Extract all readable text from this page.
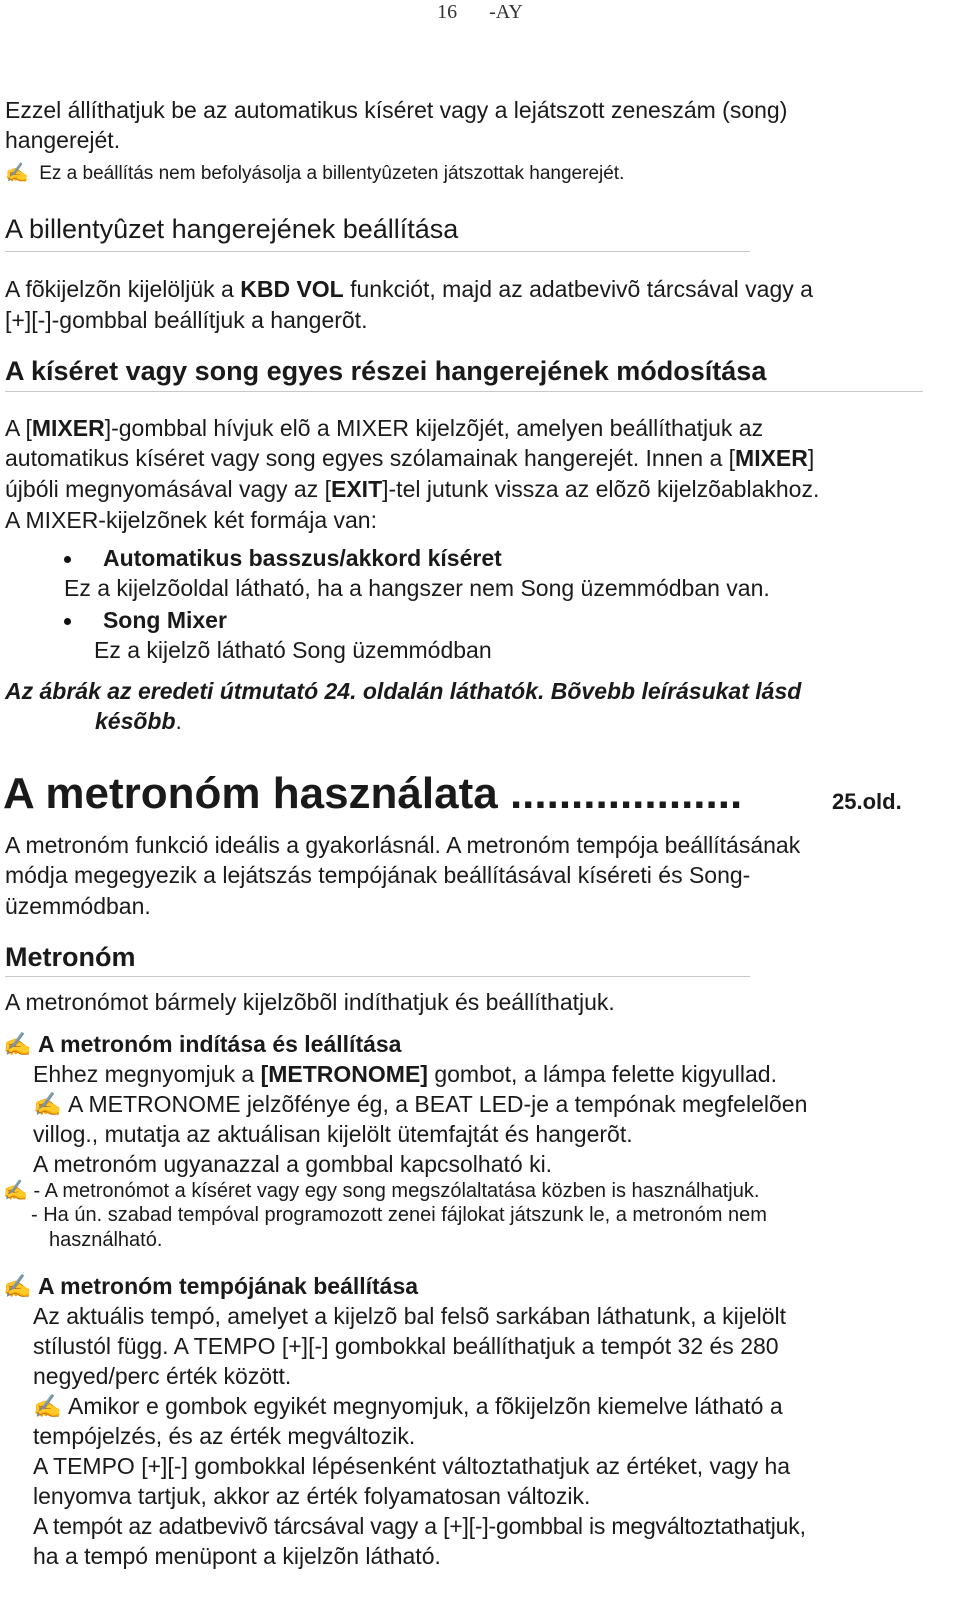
16 -AY

Ezzel állíthatjuk be az automatikus kíséret vagy a lejátszott zeneszám (song)

hangerejét.

✍ Ez a beállítás nem befolyásolja a billentyûzeten játszottak hangerejét.

A billentyûzet hangerejének beállítása

A fõkijelzõn kijelöljük a KBD VOL funkciót, majd az adatbevivõ tárcsával vagy a

[+][-]-gombbal beállítjuk a hangerõt.

A kíséret vagy song egyes részei hangerejének módosítása

A [MIXER]-gombbal hívjuk elõ a MIXER kijelzõjét, amelyen beállíthatjuk az

automatikus kíséret vagy song egyes szólamainak hangerejét. Innen a [MIXER]

újbóli megnyomásával vagy az [EXIT]-tel jutunk vissza az elõzõ kijelzõablakhoz.

A MIXER-kijelzõnek két formája van:

Automatikus basszus/akkord kíséret

Ez a kijelzõoldal látható, ha a hangszer nem Song üzemmódban van.

Song Mixer

Ez a kijelzõ látható Song üzemmódban

Az ábrák az eredeti útmutató 24. oldalán láthatók. Bõvebb leírásukat lásd

késõbb.

A metronóm használata ...................	25.old.

A metronóm funkció ideális a gyakorlásnál. A metronóm tempója beállításának

módja megegyezik a lejátszás tempójának beállításával kíséreti és Song-

üzemmódban.

Metronóm

A metronómot bármely kijelzõbõl indíthatjuk és beállíthatjuk.

✍ A metronóm indítása és leállítása

Ehhez megnyomjuk a [METRONOME] gombot, a lámpa felette kigyullad.

✍ A METRONOME jelzõfénye ég, a BEAT LED-je a tempónak megfelelõen

villog., mutatja az aktuálisan kijelölt ütemfajtát és hangerõt.

A metronóm ugyanazzal a gombbal kapcsolható ki.

✍ - A metronómot a kíséret vagy egy song megszólaltatása közben is használhatjuk.

- Ha ún. szabad tempóval programozott zenei fájlokat játszunk le, a metronóm nem

használható.

✍ A metronóm tempójának beállítása

Az aktuális tempó, amelyet a kijelzõ bal felsõ sarkában láthatunk, a kijelölt

stílustól függ. A TEMPO [+][-] gombokkal beállíthatjuk a tempót 32 és 280

negyed/perc érték között.

✍ Amikor e gombok egyikét megnyomjuk, a fõkijelzõn kiemelve látható a

tempójelzés, és az érték megváltozik.

A TEMPO [+][-] gombokkal lépésenként változtathatjuk az értéket, vagy ha

lenyomva tartjuk, akkor az érték folyamatosan változik.

A tempót az adatbevivõ tárcsával vagy a [+][-]-gombbal is megváltoztathatjuk,

ha a tempó menüpont a kijelzõn látható.
